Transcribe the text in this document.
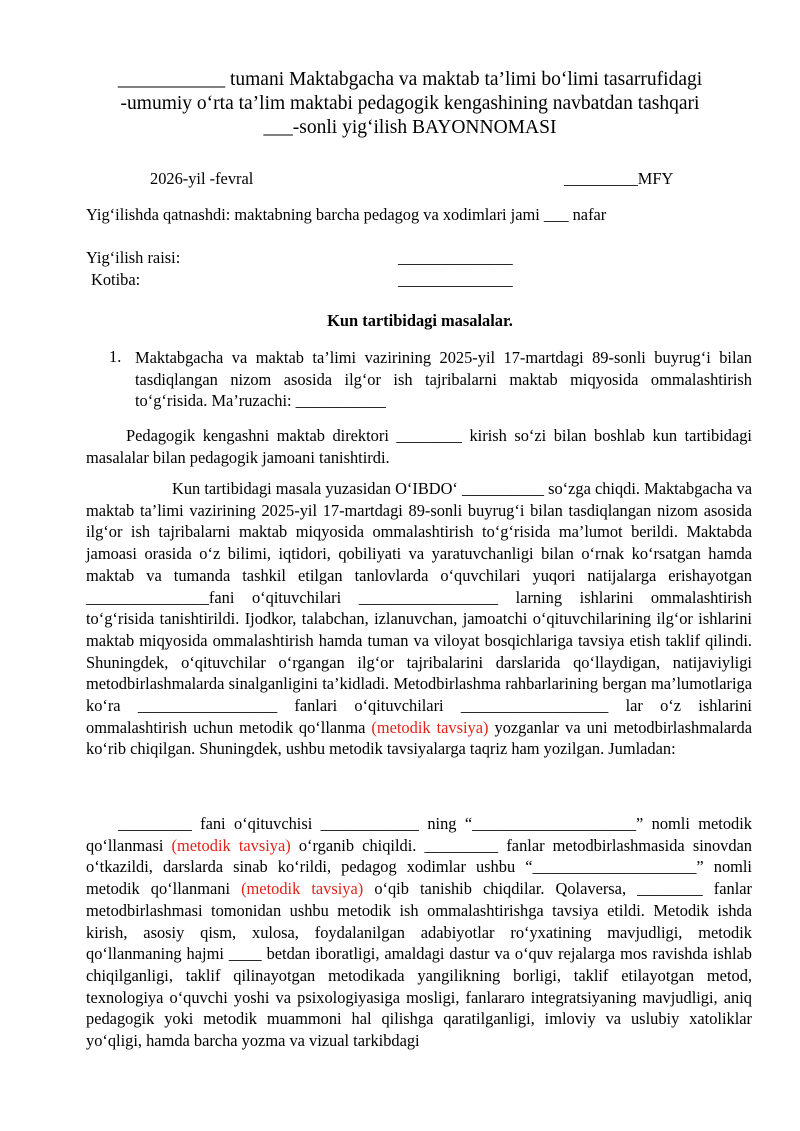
___________ tumani Maktabgacha va maktab ta’limi bo‘limi tasarrufidagi
-umumiy o‘rta ta’lim maktabi pedagogik kengashining navbatdan tashqari
___-sonli yig‘ilish BAYONNOMASI
2026-yil -fevral	_________MFY
Yig‘ilishda qatnashdi: maktabning barcha pedagog va xodimlari jami ___ nafar
Yig‘ilish raisi:	______________
Kotiba:	______________
Kun tartibidagi masalalar.
1. Maktabgacha va maktab ta’limi vazirining 2025-yil 17-martdagi 89-sonli buyrug‘i bilan tasdiqlangan nizom asosida ilg‘or ish tajribalarni maktab miqyosida ommalashtirish to‘g‘risida. Ma’ruzachi: ___________
Pedagogik kengashni maktab direktori ________ kirish so‘zi bilan boshlab kun tartibidagi masalalar bilan pedagogik jamoani tanishtirdi.
Kun tartibidagi masala yuzasidan O‘IBDO‘ __________ so‘zga chiqdi. Maktabgacha va maktab ta’limi vazirining 2025-yil 17-martdagi 89-sonli buyrug‘i bilan tasdiqlangan nizom asosida ilg‘or ish tajribalarni maktab miqyosida ommalashtirish to‘g‘risida ma’lumot berildi. Maktabda jamoasi orasida o‘z bilimi, iqtidori, qobiliyati va yaratuvchanligi bilan o‘rnak ko‘rsatgan hamda maktab va tumanda tashkil etilgan tanlovlarda o‘quvchilari yuqori natijalarga erishayotgan _______________fani o‘qituvchilari _________________ larning ishlarini ommalashtirish to‘g‘risida tanishtirildi. Ijodkor, talabchan, izlanuvchan, jamoatchi o‘qituvchilarining ilg‘or ishlarini maktab miqyosida ommalashtirish hamda tuman va viloyat bosqichlariga tavsiya etish taklif qilindi. Shuningdek, o‘qituvchilar o‘rgangan ilg‘or tajribalarini darslarida qo‘llaydigan, natijaviyligi metodbirlashmalarda sinalganligini ta’kidladi. Metodbirlashma rahbarlarining bergan ma’lumotlariga ko‘ra _________________ fanlari o‘qituvchilari __________________ lar o‘z ishlarini ommalashtirish uchun metodik qo‘llanma (metodik tavsiya) yozganlar va uni metodbirlashmalarda ko‘rib chiqilgan. Shuningdek, ushbu metodik tavsiyalarga taqriz ham yozilgan. Jumladan:
_________ fani o‘qituvchisi ____________ ning “____________________” nomli metodik qo‘llanmasi (metodik tavsiya) o‘rganib chiqildi. _________ fanlar metodbirlashmasida sinovdan o‘tkazildi, darslarda sinab ko‘rildi, pedagog xodimlar ushbu “____________________” nomli metodik qo‘llanmani (metodik tavsiya) o‘qib tanishib chiqdilar. Qolaversa, ________ fanlar metodbirlashmasi tomonidan ushbu metodik ish ommalashtirishga tavsiya etildi. Metodik ishda kirish, asosiy qism, xulosa, foydalanilgan adabiyotlar ro‘yxatining mavjudligi, metodik qo‘llanmaning hajmi ____ betdan iboratligi, amaldagi dastur va o‘quv rejalarga mos ravishda ishlab chiqilganligi, taklif qilinayotgan metodikada yangilikning borligi, taklif etilayotgan metod, texnologiya o‘quvchi yoshi va psixologiyasiga mosligi, fanlararo integratsiyaning mavjudligi, aniq pedagogik yoki metodik muammoni hal qilishga qaratilganligi, imloviy va uslubiy xatoliklar yo‘qligi, hamda barcha yozma va vizual tarkibdagi
